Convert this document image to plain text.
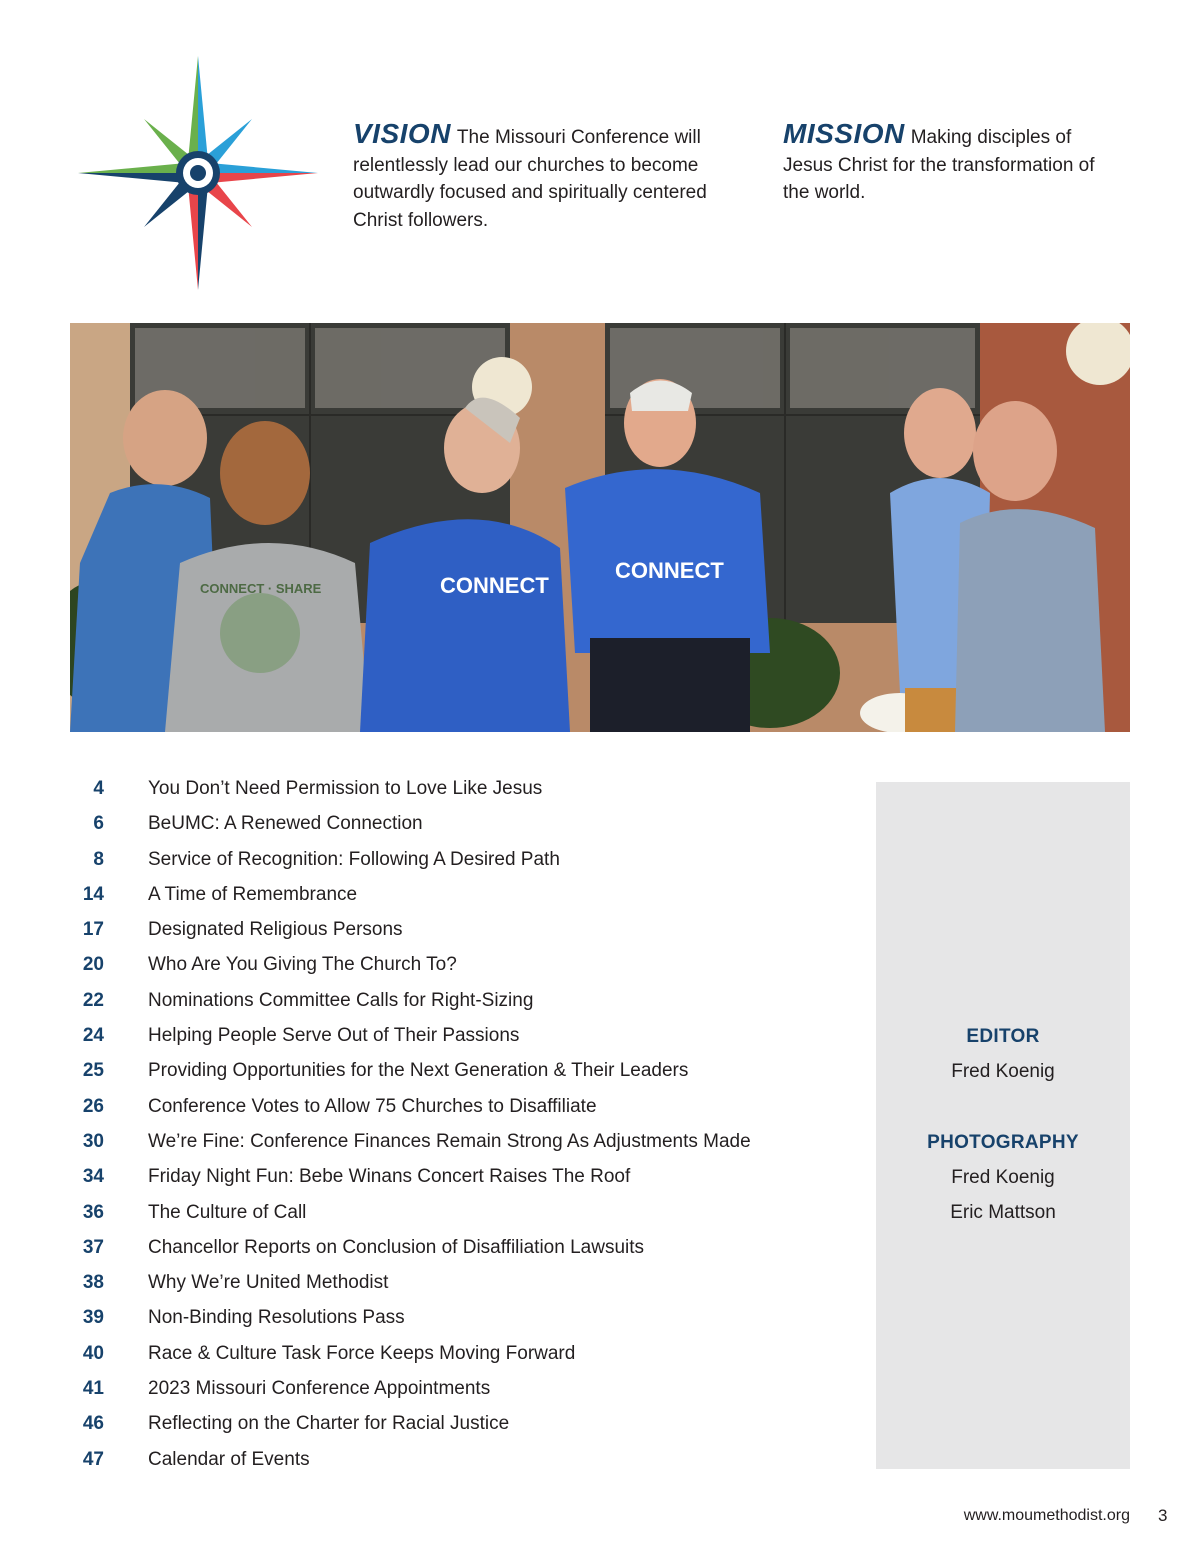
VISION The Missouri Conference will relentlessly lead our churches to become outwardly focused and spiritually centered Christ followers.
MISSION Making disciples of Jesus Christ for the transformation of the world.
CONNECT · SHARE	CONNECT
CONNECT
4 You Don’t Need Permission to Love Like Jesus
6 BeUMC: A Renewed Connection
8 Service of Recognition: Following A Desired Path
14 A Time of Remembrance
17 Designated Religious Persons
20 Who Are You Giving The Church To?
22 Nominations Committee Calls for Right-Sizing
24 Helping People Serve Out of Their Passions
25 Providing Opportunities for the Next Generation & Their Leaders
26 Conference Votes to Allow 75 Churches to Disaffiliate
30 We’re Fine: Conference Finances Remain Strong As Adjustments Made
34 Friday Night Fun: Bebe Winans Concert Raises The Roof
36 The Culture of Call
37 Chancellor Reports on Conclusion of Disaffiliation Lawsuits
38 Why We’re United Methodist
39 Non-Binding Resolutions Pass
40 Race & Culture Task Force Keeps Moving Forward
41 2023 Missouri Conference Appointments
46 Reflecting on the Charter for Racial Justice
47 Calendar of Events
EDITOR
Fred Koenig
PHOTOGRAPHY
Fred Koenig
Eric Mattson
www.moumethodist.org 3
